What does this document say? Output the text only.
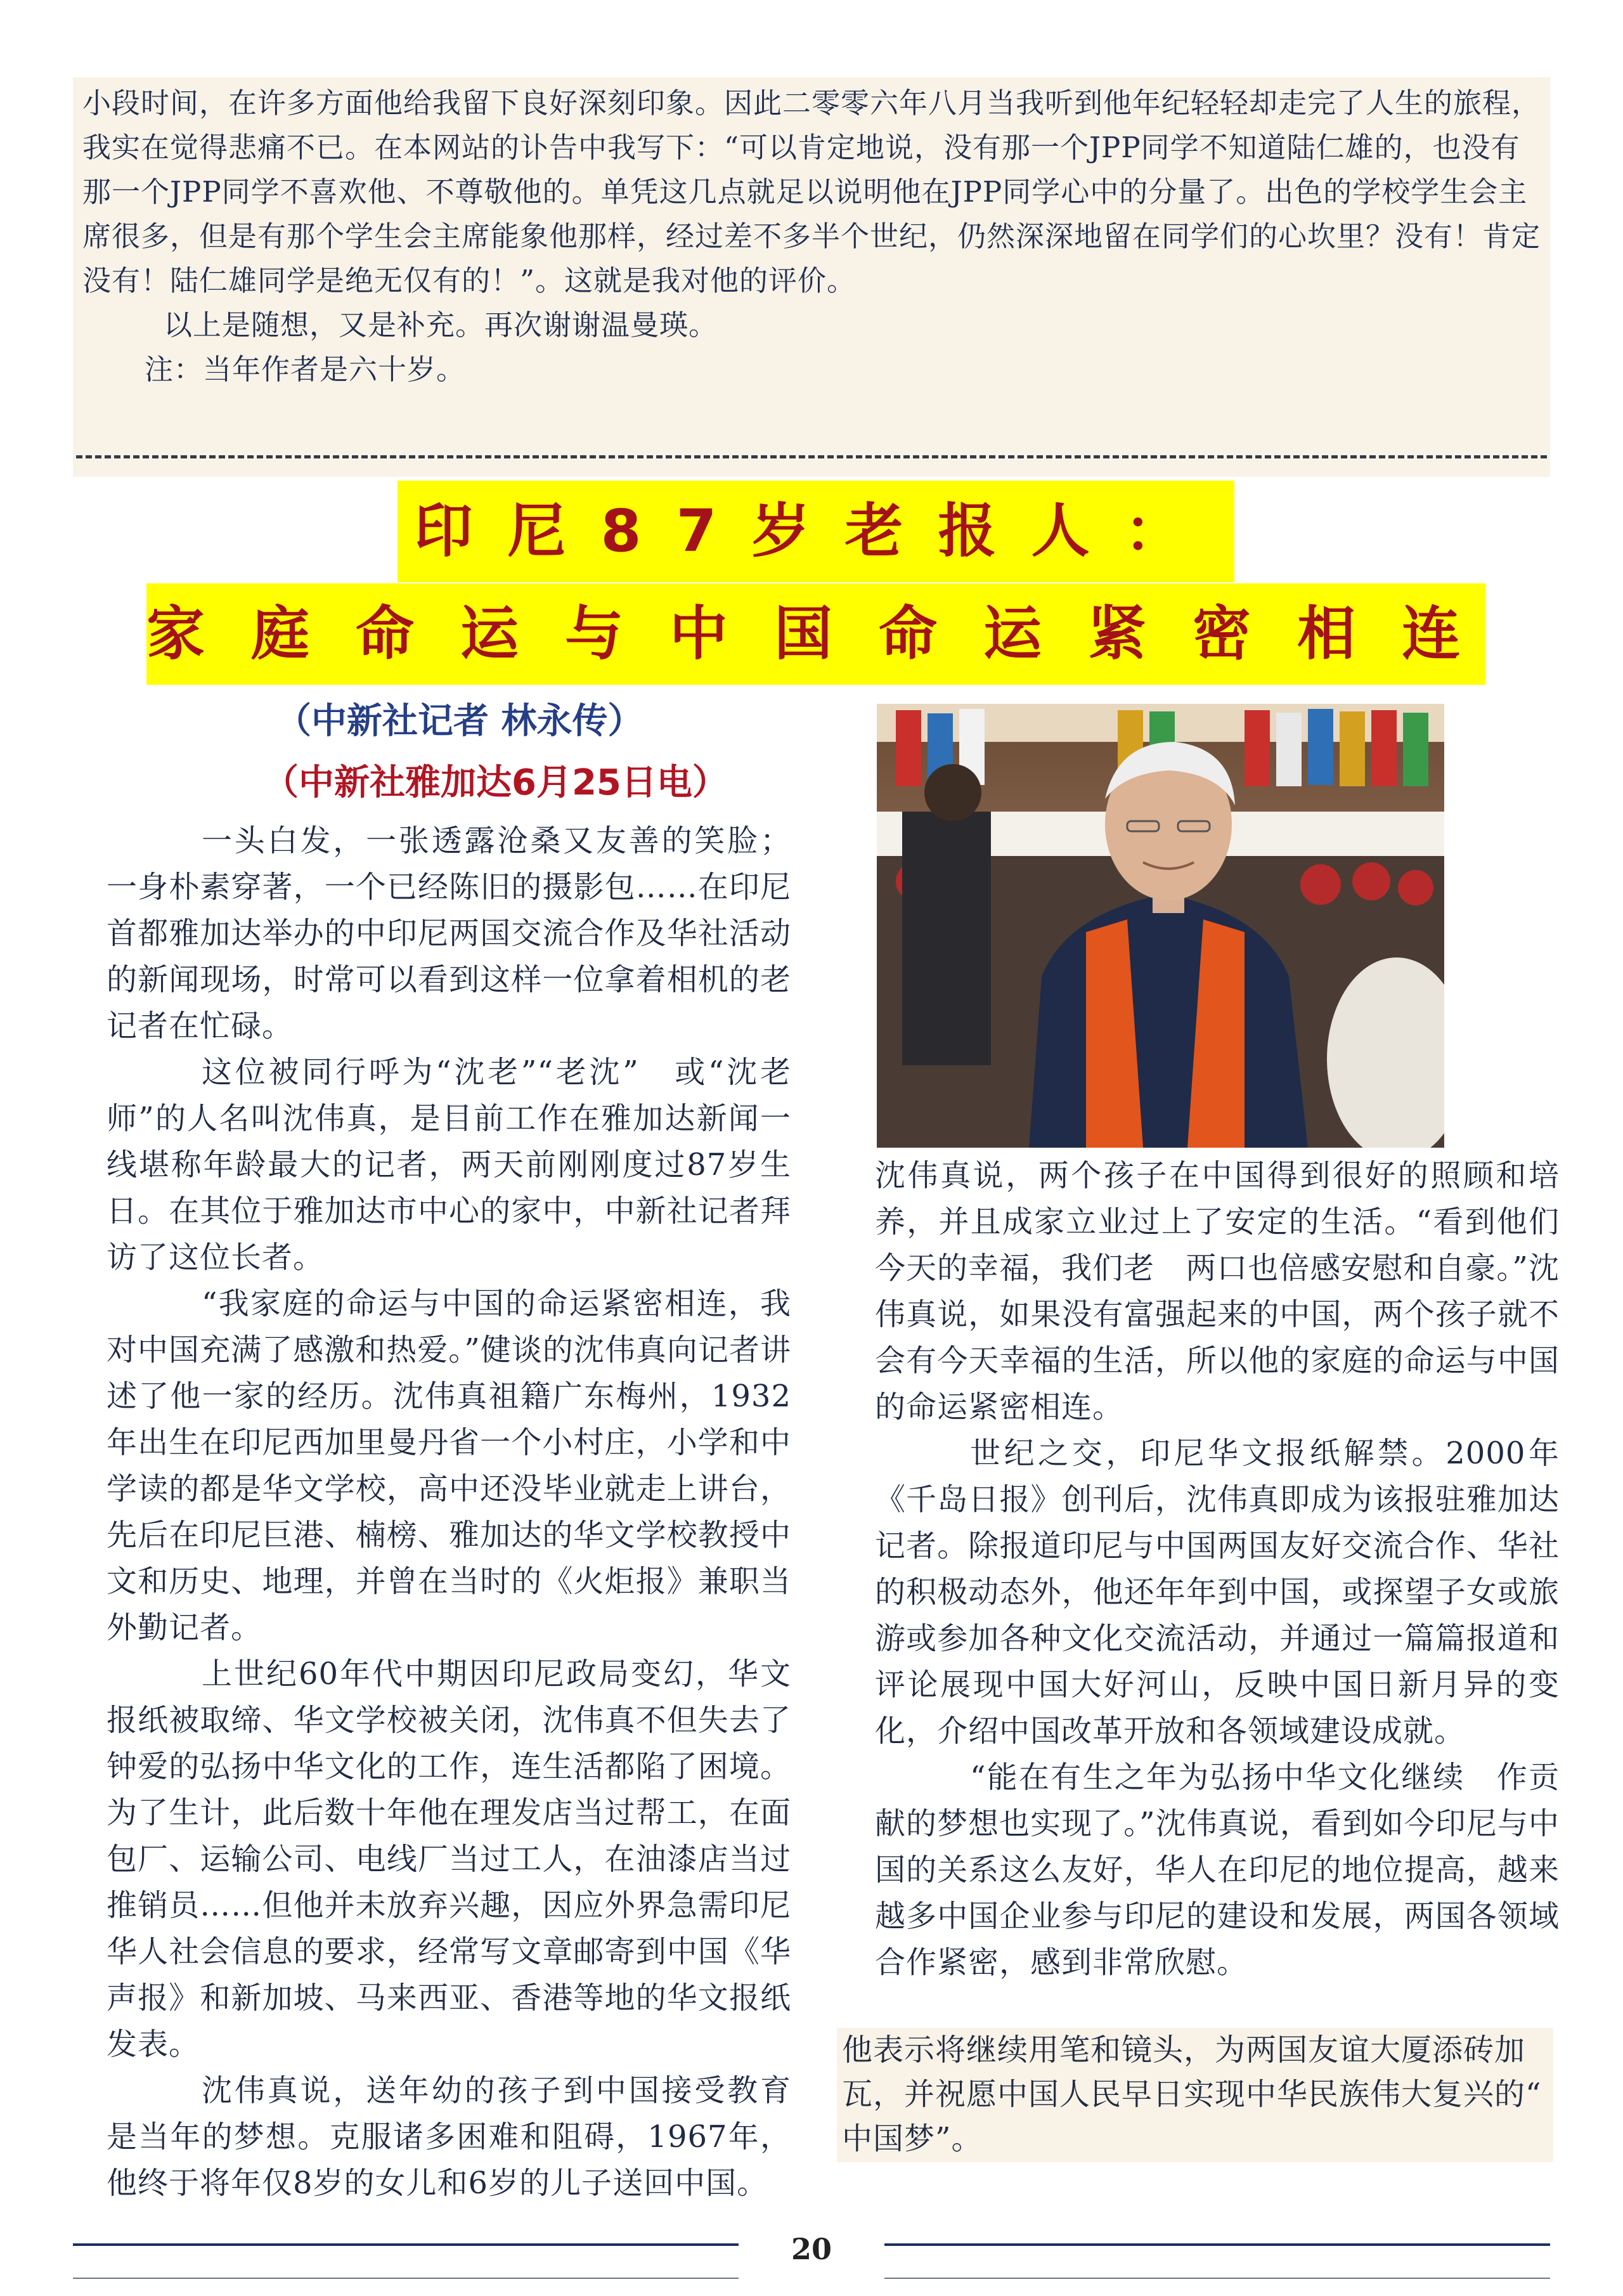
小段时间，在许多方面他给我留下良好深刻印象。因此二零零六年八月当我听到他年纪轻轻却走完了人生的旅程，我实在觉得悲痛不已。在本网站的讣告中我写下：“可以肯定地说，没有那一个JPP同学不知道陆仁雄的，也没有那一个JPP同学不喜欢他、不尊敬他的。单凭这几点就足以说明他在JPP同学心中的分量了。出色的学校学生会主席很多，但是有那个学生会主席能象他那样，经过差不多半个世纪，仍然深深地留在同学们的心坎里？没有！肯定没有！陆仁雄同学是绝无仅有的！”。这就是我对他的评价。

以上是随想，又是补充。再次谢谢温曼瑛。

注：当年作者是六十岁。

印尼87岁老报人：
家庭命运与中国命运紧密相连
（中新社记者 林永传）
（中新社雅加达6月25日电）

一头白发，一张透露沧桑又友善的笑脸；一身朴素穿著，一个已经陈旧的摄影包……在印尼首都雅加达举办的中印尼两国交流合作及华社活动的新闻现场，时常可以看到这样一位拿着相机的老记者在忙碌。

这位被同行呼为“沈老”“老沈”　或“沈老师”的人名叫沈伟真，是目前工作在雅加达新闻一线堪称年龄最大的记者，两天前刚刚度过87岁生日。在其位于雅加达市中心的家中，中新社记者拜访了这位长者。

“我家庭的命运与中国的命运紧密相连，我对中国充满了感激和热爱。”健谈的沈伟真向记者讲述了他一家的经历。沈伟真祖籍广东梅州，1932年出生在印尼西加里曼丹省一个小村庄，小学和中学读的都是华文学校，高中还没毕业就走上讲台，先后在印尼巨港、楠榜、雅加达的华文学校教授中文和历史、地理，并曾在当时的《火炬报》兼职当外勤记者。

上世纪60年代中期因印尼政局变幻，华文报纸被取缔、华文学校被关闭，沈伟真不但失去了钟爱的弘扬中华文化的工作，连生活都陷了困境。为了生计，此后数十年他在理发店当过帮工，在面包厂、运输公司、电线厂当过工人，在油漆店当过推销员……但他并未放弃兴趣，因应外界急需印尼华人社会信息的要求，经常写文章邮寄到中国《华声报》和新加坡、马来西亚、香港等地的华文报纸发表。

沈伟真说，送年幼的孩子到中国接受教育是当年的梦想。克服诸多困难和阻碍，1967年，他终于将年仅8岁的女儿和6岁的儿子送回中国。

沈伟真说，两个孩子在中国得到很好的照顾和培养，并且成家立业过上了安定的生活。“看到他们今天的幸福，我们老　两口也倍感安慰和自豪。”沈伟真说，如果没有富强起来的中国，两个孩子就不会有今天幸福的生活，所以他的家庭的命运与中国的命运紧密相连。

世纪之交，印尼华文报纸解禁。2000年《千岛日报》创刊后，沈伟真即成为该报驻雅加达记者。除报道印尼与中国两国友好交流合作、华社的积极动态外，他还年年到中国，或探望子女或旅游或参加各种文化交流活动，并通过一篇篇报道和评论展现中国大好河山，反映中国日新月异的变化，介绍中国改革开放和各领域建设成就。

“能在有生之年为弘扬中华文化继续　作贡献的梦想也实现了。”沈伟真说，看到如今印尼与中国的关系这么友好，华人在印尼的地位提高，越来越多中国企业参与印尼的建设和发展，两国各领域合作紧密，感到非常欣慰。

他表示将继续用笔和镜头，为两国友谊大厦添砖加瓦，并祝愿中国人民早日实现中华民族伟大复兴的“　中国梦”。

20
